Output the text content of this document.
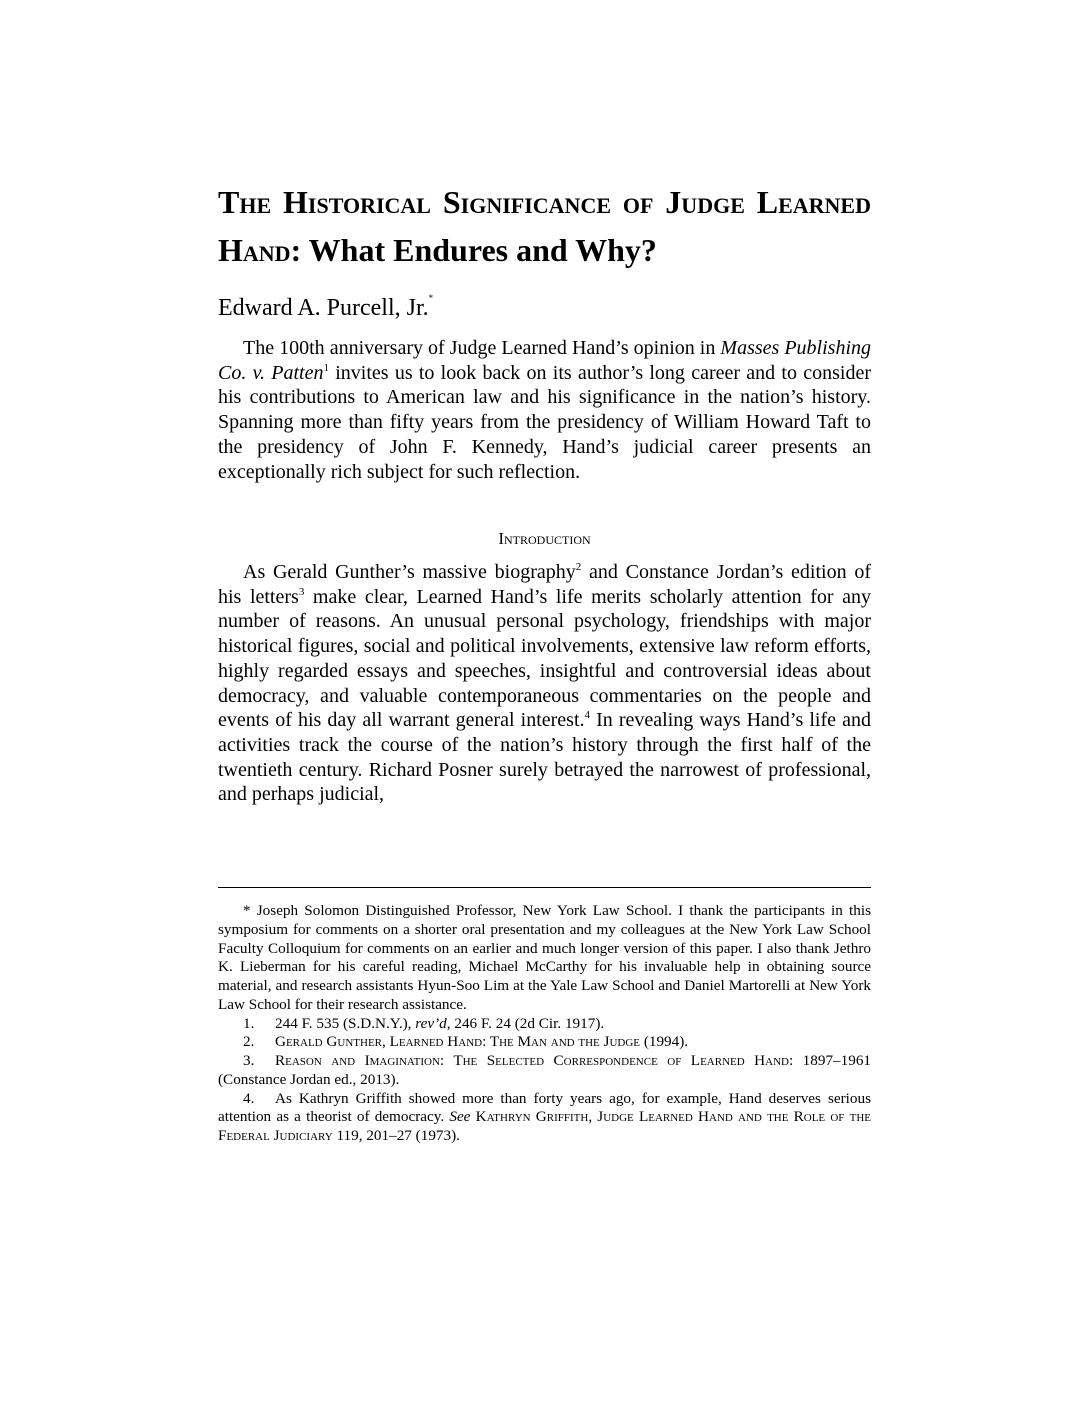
The Historical Significance of Judge Learned Hand: What Endures and Why?
Edward A. Purcell, Jr.*

The 100th anniversary of Judge Learned Hand’s opinion in Masses Publishing Co. v. Patten$^1$ invites us to look back on its author’s long career and to consider his contributions to American law and his significance in the nation’s history. Spanning more than fifty years from the presidency of William Howard Taft to the presidency of John F. Kennedy, Hand’s judicial career presents an exceptionally rich subject for such reflection.

Introduction

As Gerald Gunther’s massive biography$^2$ and Constance Jordan’s edition of his letters$^3$ make clear, Learned Hand’s life merits scholarly attention for any number of reasons. An unusual personal psychology, friendships with major historical figures, social and political involvements, extensive law reform efforts, highly regarded essays and speeches, insightful and controversial ideas about democracy, and valuable contemporaneous commentaries on the people and events of his day all warrant general interest.$^4$ In revealing ways Hand’s life and activities track the course of the nation’s history through the first half of the twentieth century. Richard Posner surely betrayed the narrowest of professional, and perhaps judicial,

* Joseph Solomon Distinguished Professor, New York Law School. I thank the participants in this symposium for comments on a shorter oral presentation and my colleagues at the New York Law School Faculty Colloquium for comments on an earlier and much longer version of this paper. I also thank Jethro K. Lieberman for his careful reading, Michael McCarthy for his invaluable help in obtaining source material, and research assistants Hyun-Soo Lim at the Yale Law School and Daniel Martorelli at New York Law School for their research assistance.

1. 244 F. 535 (S.D.N.Y.), rev’d, 246 F. 24 (2d Cir. 1917).

2. Gerald Gunther, Learned Hand: The Man and the Judge (1994).

3. Reason and Imagination: The Selected Correspondence of Learned Hand: 1897–1961 (Constance Jordan ed., 2013).

4. As Kathryn Griffith showed more than forty years ago, for example, Hand deserves serious attention as a theorist of democracy. See Kathryn Griffith, Judge Learned Hand and the Role of the Federal Judiciary 119, 201–27 (1973).
